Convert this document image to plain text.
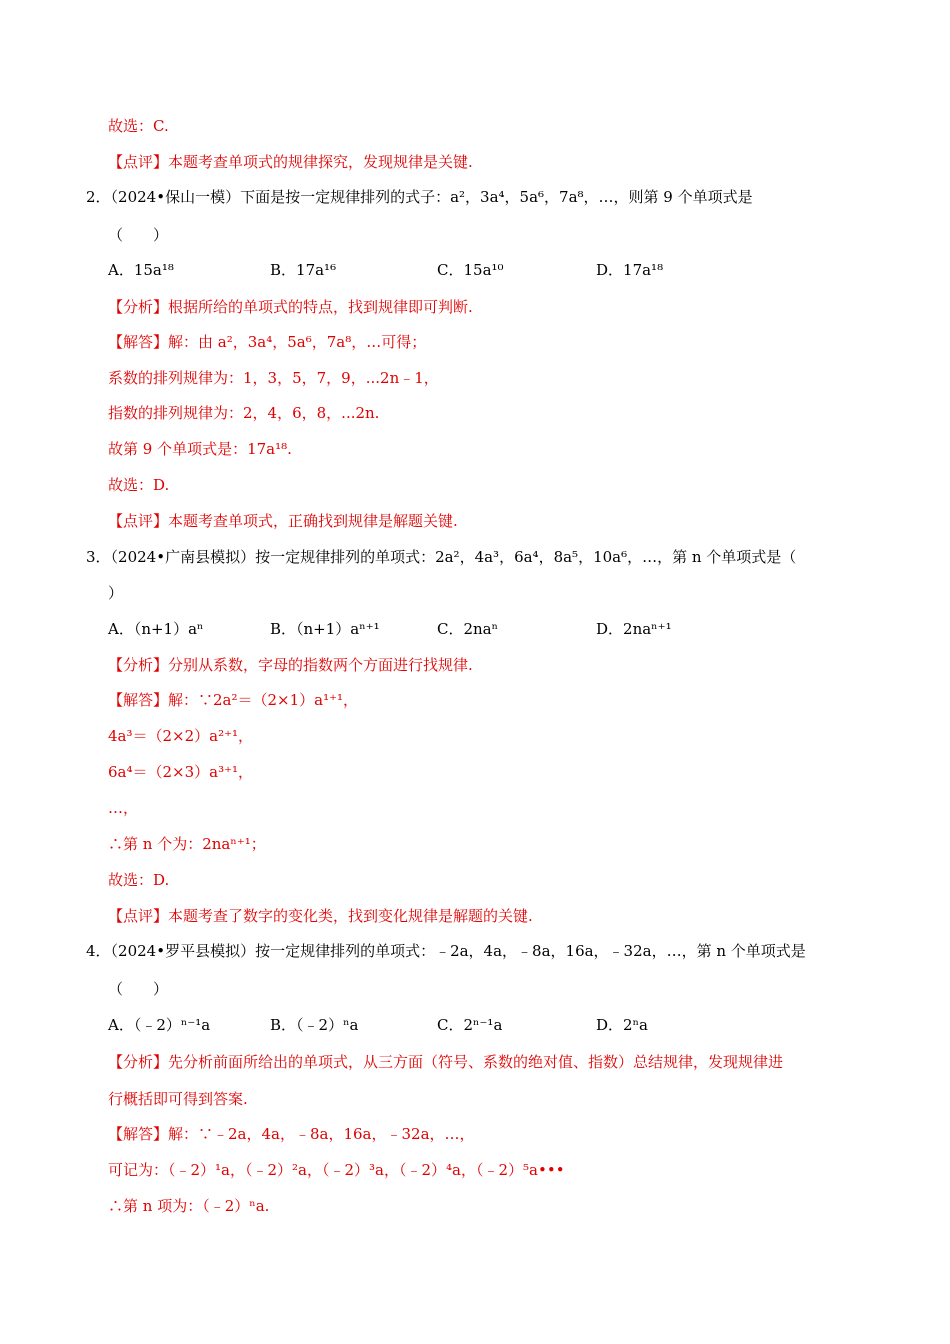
故选：C.
【点评】本题考查单项式的规律探究，发现规律是关键.
2．（2024•保山一模）下面是按一定规律排列的式子：a²，3a⁴，5a⁶，7a⁸，…，则第 9 个单项式是
（　　）
A．15a¹⁸	B．17a¹⁶	C．15a¹⁰	D．17a¹⁸
【分析】根据所给的单项式的特点，找到规律即可判断.
【解答】解：由 a²，3a⁴，5a⁶，7a⁸，…可得；
系数的排列规律为：1，3，5，7，9，...2n﹣1，
指数的排列规律为：2，4，6，8，...2n.
故第 9 个单项式是：17a¹⁸.
故选：D.
【点评】本题考查单项式，正确找到规律是解题关键.
3．（2024•广南县模拟）按一定规律排列的单项式：2a²，4a³，6a⁴，8a⁵，10a⁶，…，第 n 个单项式是（
）
A．（n+1）aⁿ	B．（n+1）aⁿ⁺¹	C．2naⁿ	D．2naⁿ⁺¹
【分析】分别从系数，字母的指数两个方面进行找规律.
【解答】解：∵2a²＝（2×1）a¹⁺¹，
4a³＝（2×2）a²⁺¹，
6a⁴＝（2×3）a³⁺¹，
…，
∴第 n 个为：2naⁿ⁺¹；
故选：D.
【点评】本题考查了数字的变化类，找到变化规律是解题的关键.
4．（2024•罗平县模拟）按一定规律排列的单项式：﹣2a，4a，﹣8a，16a，﹣32a，…，第 n 个单项式是
（　　）
A．（﹣2）ⁿ⁻¹a	B．（﹣2）ⁿa	C．2ⁿ⁻¹a	D．2ⁿa
【分析】先分析前面所给出的单项式，从三方面（符号、系数的绝对值、指数）总结规律，发现规律进
行概括即可得到答案.
【解答】解：∵﹣2a，4a，﹣8a，16a，﹣32a，…，
可记为：（﹣2）¹a，（﹣2）²a，（﹣2）³a，（﹣2）⁴a，（﹣2）⁵a•••
∴第 n 项为：（﹣2）ⁿa.
